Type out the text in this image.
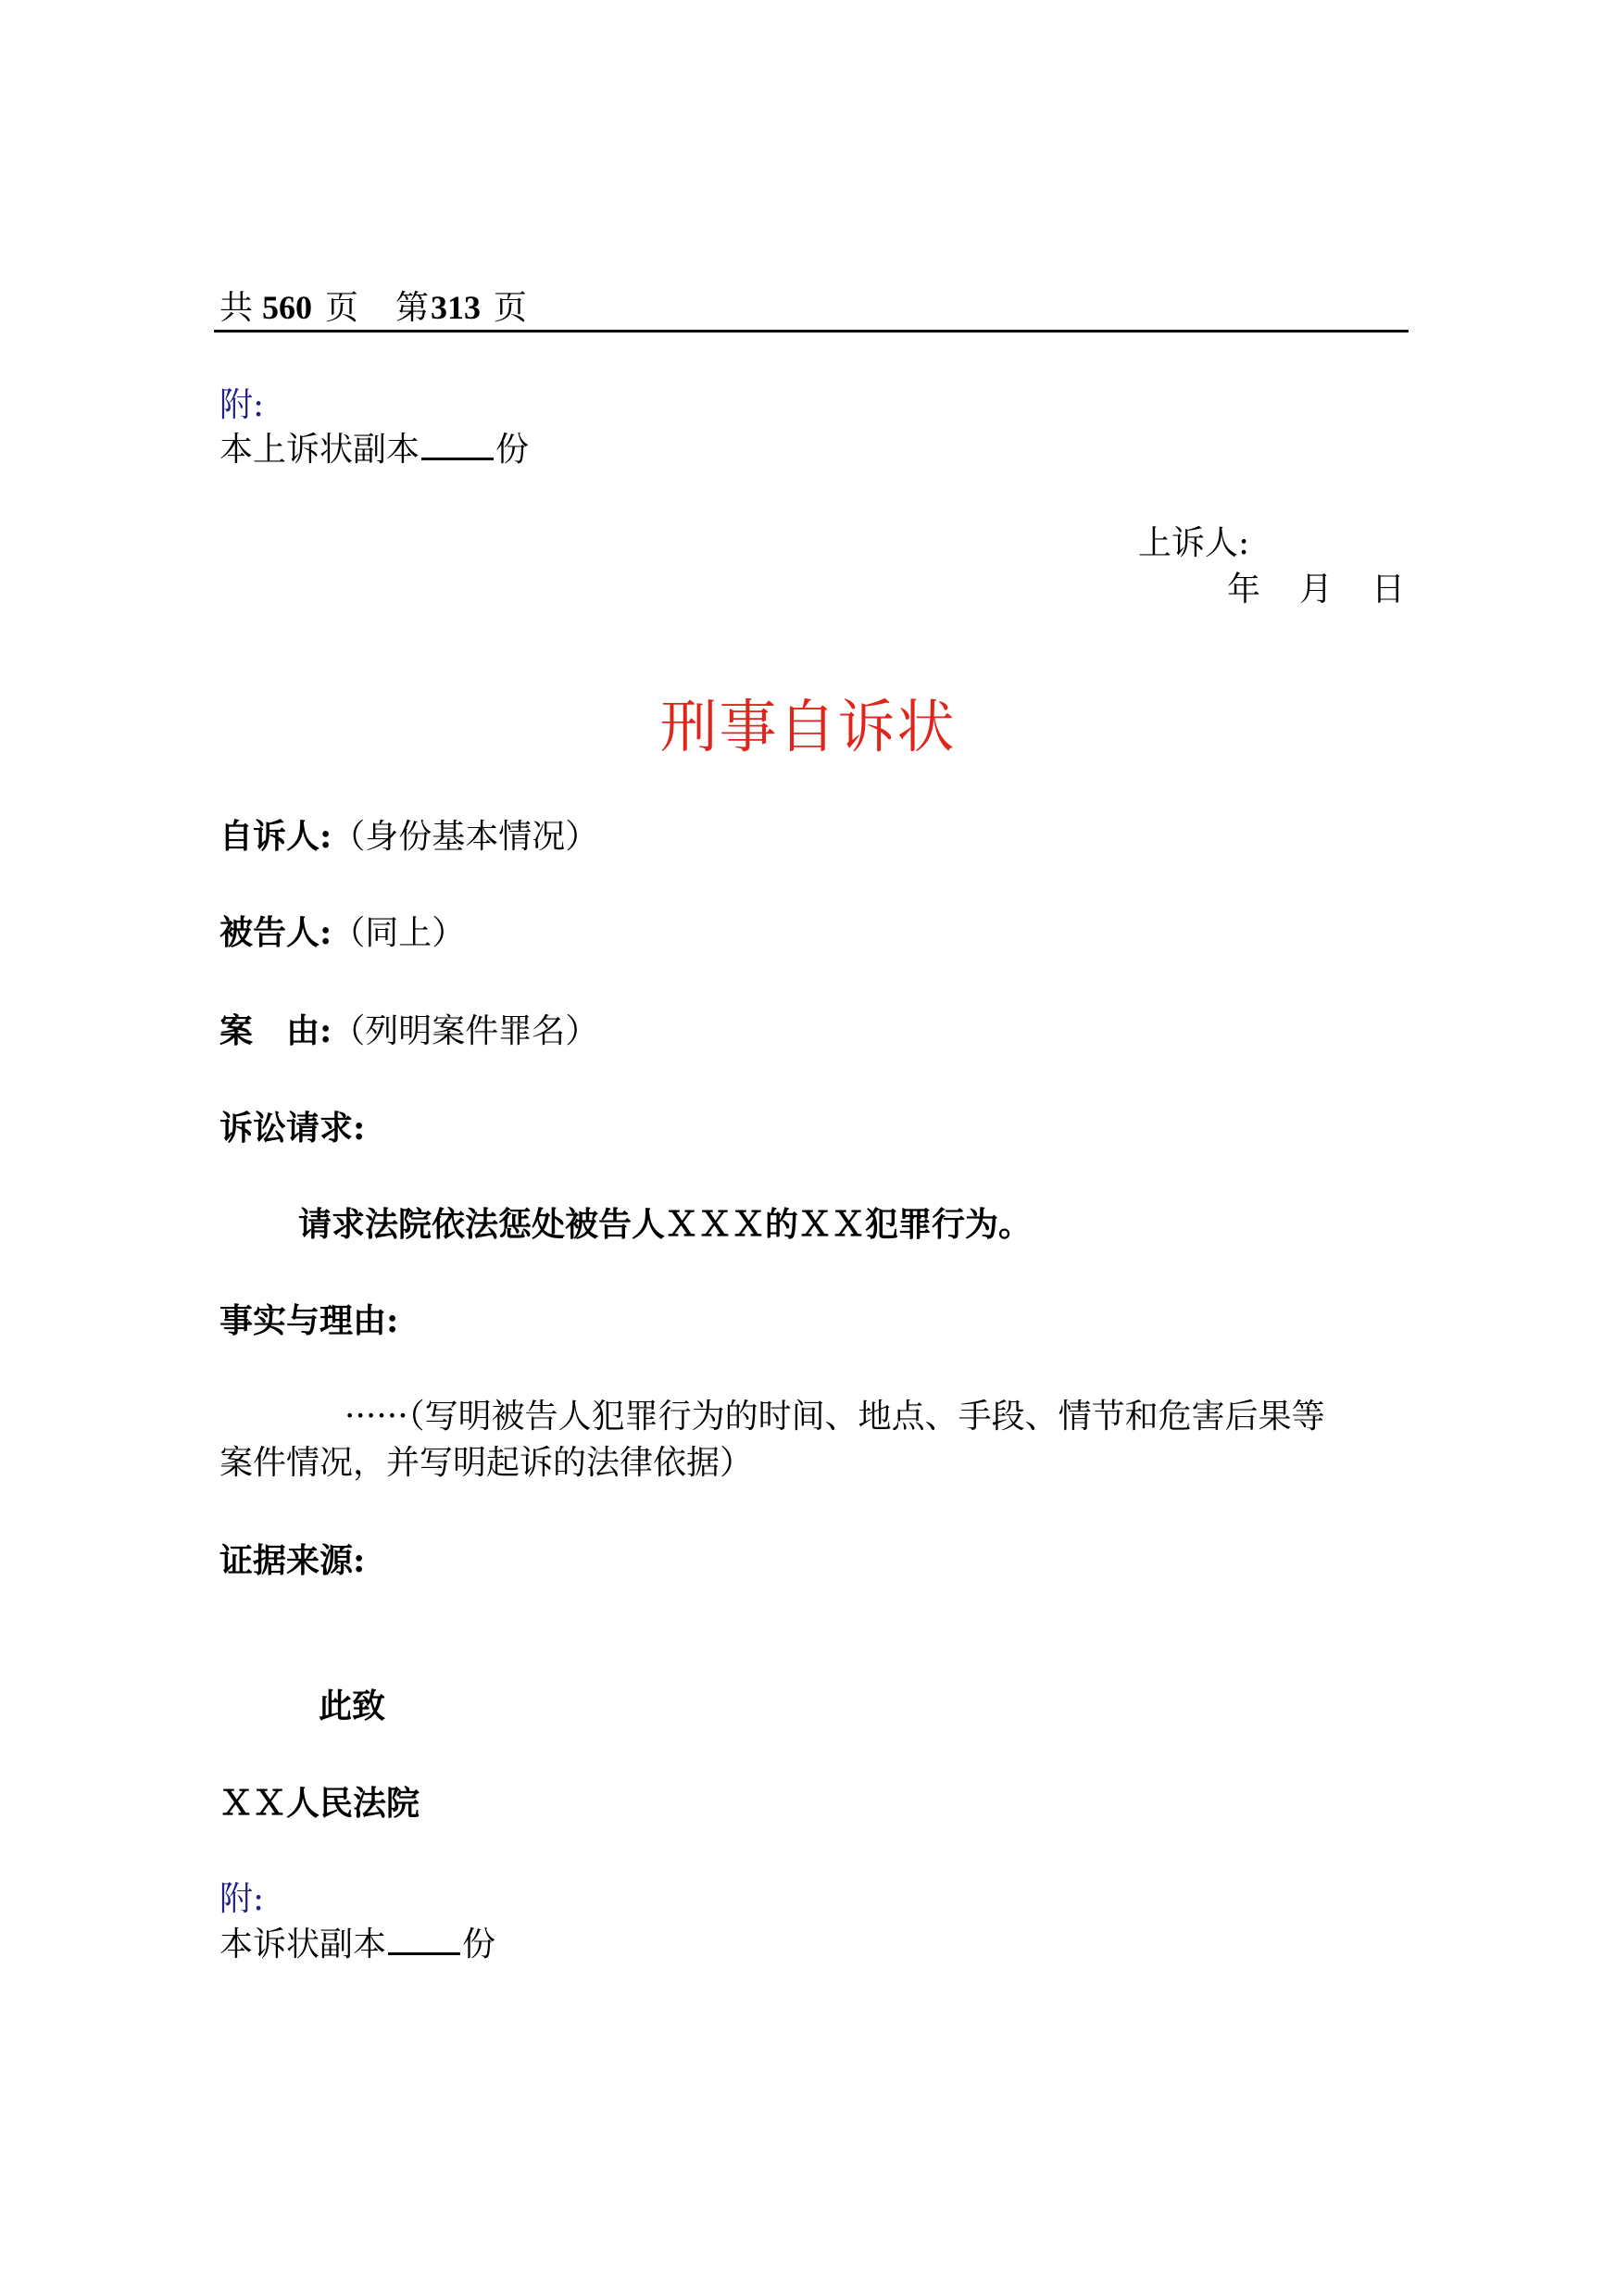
共 560 页 第313 页
附:
本上诉状副本 份
上诉人:
年 月 日
刑事自诉状
自诉人:（身份基本情况）
被告人:（同上）
案　由:（列明案件罪名）
诉讼请求:
请求法院依法惩处被告人ＸＸＸ的ＸＸ犯罪行为。
事实与理由:
······（写明被告人犯罪行为的时间、地点、手段、情节和危害后果等
案件情况，并写明起诉的法律依据）
证据来源:
此致
ＸＸ人民法院
附:
本诉状副本 份
